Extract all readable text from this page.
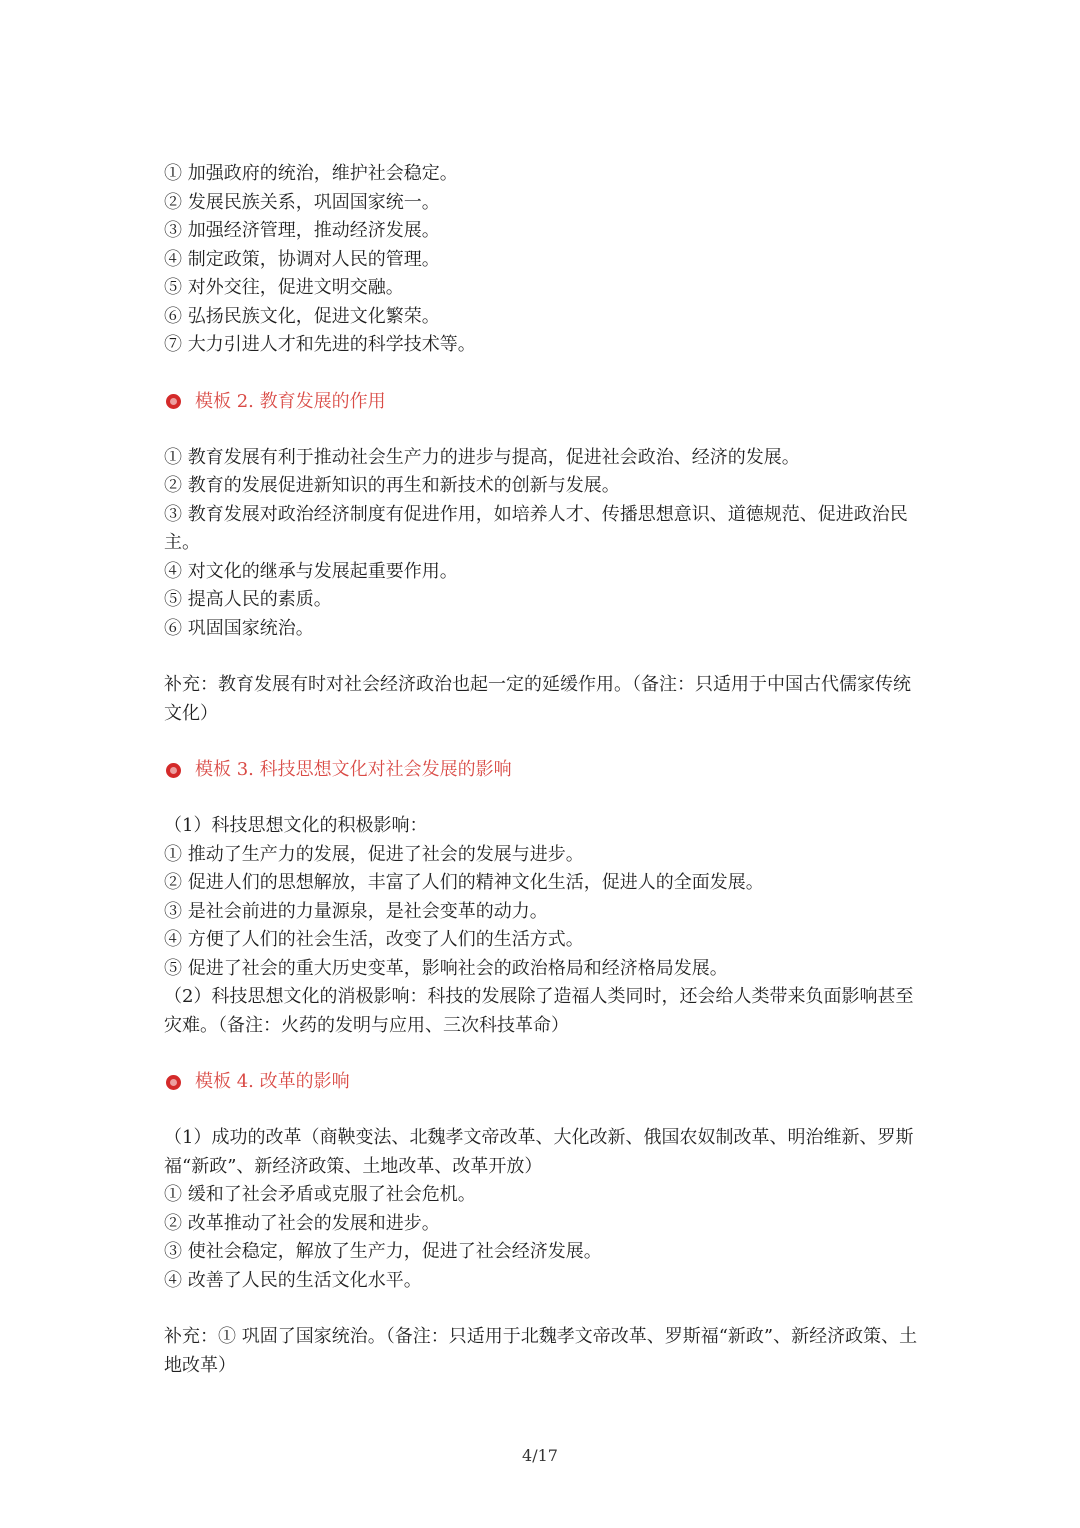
① 加强政府的统治，维护社会稳定。
② 发展民族关系，巩固国家统一。
③ 加强经济管理，推动经济发展。
④ 制定政策，协调对人民的管理。
⑤ 对外交往，促进文明交融。
⑥ 弘扬民族文化，促进文化繁荣。
⑦ 大力引进人才和先进的科学技术等。
模板 2. 教育发展的作用
① 教育发展有利于推动社会生产力的进步与提高，促进社会政治、经济的发展。
② 教育的发展促进新知识的再生和新技术的创新与发展。
③ 教育发展对政治经济制度有促进作用，如培养人才、传播思想意识、道德规范、促进政治民主。
④ 对文化的继承与发展起重要作用。
⑤ 提高人民的素质。
⑥ 巩固国家统治。
补充：教育发展有时对社会经济政治也起一定的延缓作用。（备注：只适用于中国古代儒家传统文化）
模板 3. 科技思想文化对社会发展的影响
（1）科技思想文化的积极影响：
① 推动了生产力的发展，促进了社会的发展与进步。
② 促进人们的思想解放，丰富了人们的精神文化生活，促进人的全面发展。
③ 是社会前进的力量源泉，是社会变革的动力。
④ 方便了人们的社会生活，改变了人们的生活方式。
⑤ 促进了社会的重大历史变革，影响社会的政治格局和经济格局发展。
（2）科技思想文化的消极影响：科技的发展除了造福人类同时，还会给人类带来负面影响甚至灾难。（备注：火药的发明与应用、三次科技革命）
模板 4. 改革的影响
（1）成功的改革（商鞅变法、北魏孝文帝改革、大化改新、俄国农奴制改革、明治维新、罗斯福“新政”、新经济政策、土地改革、改革开放）
① 缓和了社会矛盾或克服了社会危机。
② 改革推动了社会的发展和进步。
③ 使社会稳定，解放了生产力，促进了社会经济发展。
④ 改善了人民的生活文化水平。
补充：① 巩固了国家统治。（备注：只适用于北魏孝文帝改革、罗斯福“新政”、新经济政策、土地改革）
4/17
